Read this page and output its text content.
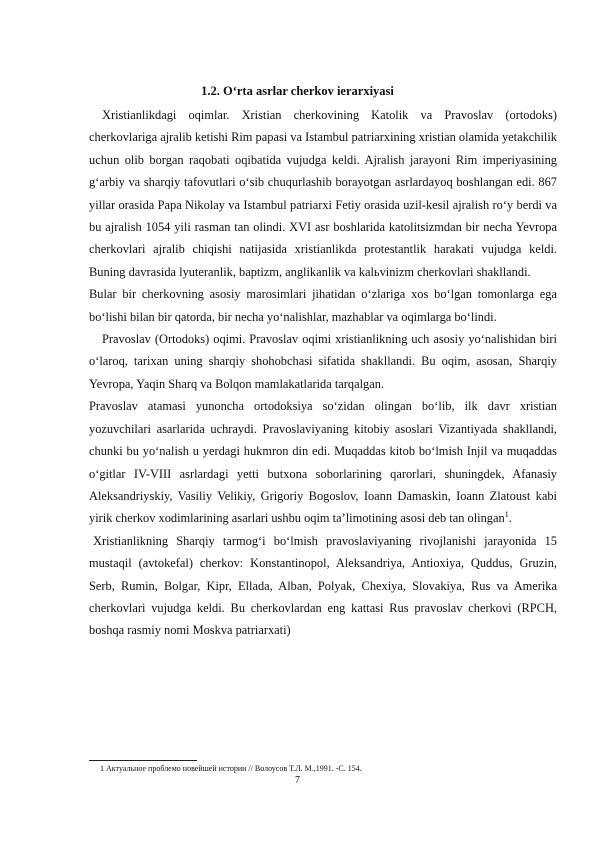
1.2. O‘rta asrlar cherkov ierarxiyasi

Xristianlikdagi oqimlar. Xristian cherkovining Katolik va Pravoslav (ortodoks) cherkovlariga ajralib ketishi Rim papasi va Istambul patriarxining xristian olamida yetakchilik uchun olib borgan raqobati oqibatida vujudga keldi. Ajralish jarayoni Rim imperiyasining g‘arbiy va sharqiy tafovutlari o‘sib chuqurlashib borayotgan asrlardayoq boshlangan edi. 867 yillar orasida Papa Nikolay va Istambul patriarxi Fetiy orasida uzil-kesil ajralish ro‘y berdi va bu ajralish 1054 yili rasman tan olindi. XVI asr boshlarida katolitsizmdan bir necha Yevropa cherkovlari ajralib chiqishi natijasida xristianlikda protestantlik harakati vujudga keldi. Buning davrasida lyuteranlik, baptizm, anglikanlik va kalьvinizm cherkovlari shakllandi.

Bular bir cherkovning asosiy marosimlari jihatidan o‘zlariga xos bo‘lgan tomonlarga ega bo‘lishi bilan bir qatorda, bir necha yo‘nalishlar, mazhablar va oqimlarga bo‘lindi.

Pravoslav (Ortodoks) oqimi. Pravoslav oqimi xristianlikning uch asosiy yo‘nalishidan biri o‘laroq, tarixan uning sharqiy shohobchasi sifatida shakllandi. Bu oqim, asosan, Sharqiy Yevropa, Yaqin Sharq va Bolqon mamlakatlarida tarqalgan.

Pravoslav atamasi yunoncha ortodoksiya so‘zidan olingan bo‘lib, ilk davr xristian yozuvchilari asarlarida uchraydi. Pravoslaviyaning kitobiy asoslari Vizantiyada shakllandi, chunki bu yo‘nalish u yerdagi hukmron din edi. Muqaddas kitob bo‘lmish Injil va muqaddas o‘gitlar IV-VIII asrlardagi yetti butxona soborlarining qarorlari, shuningdek, Afanasiy Aleksandriyskiy, Vasiliy Velikiy, Grigoriy Bogoslov, Ioann Damaskin, Ioann Zlatoust kabi yirik cherkov xodimlarining asarlari ushbu oqim ta’limotining asosi deb tan olingan$^1$.

Xristianlikning Sharqiy tarmog‘i bo‘lmish pravoslaviyaning rivojlanishi jarayonida 15 mustaqil (avtokefal) cherkov: Konstantinopol, Aleksandriya, Antioxiya, Quddus, Gruzin, Serb, Rumin, Bolgar, Kipr, Ellada, Alban, Polyak, Chexiya, Slovakiya, Rus va Amerika cherkovlari vujudga keldi. Bu cherkovlardan eng kattasi Rus pravoslav cherkovi (RPCH, boshqa rasmiy nomi Moskva patriarxati)

1 Актуальное проблемо новейшей истории // Волоусов Т.Л. М.,1991. -С. 154.
7
